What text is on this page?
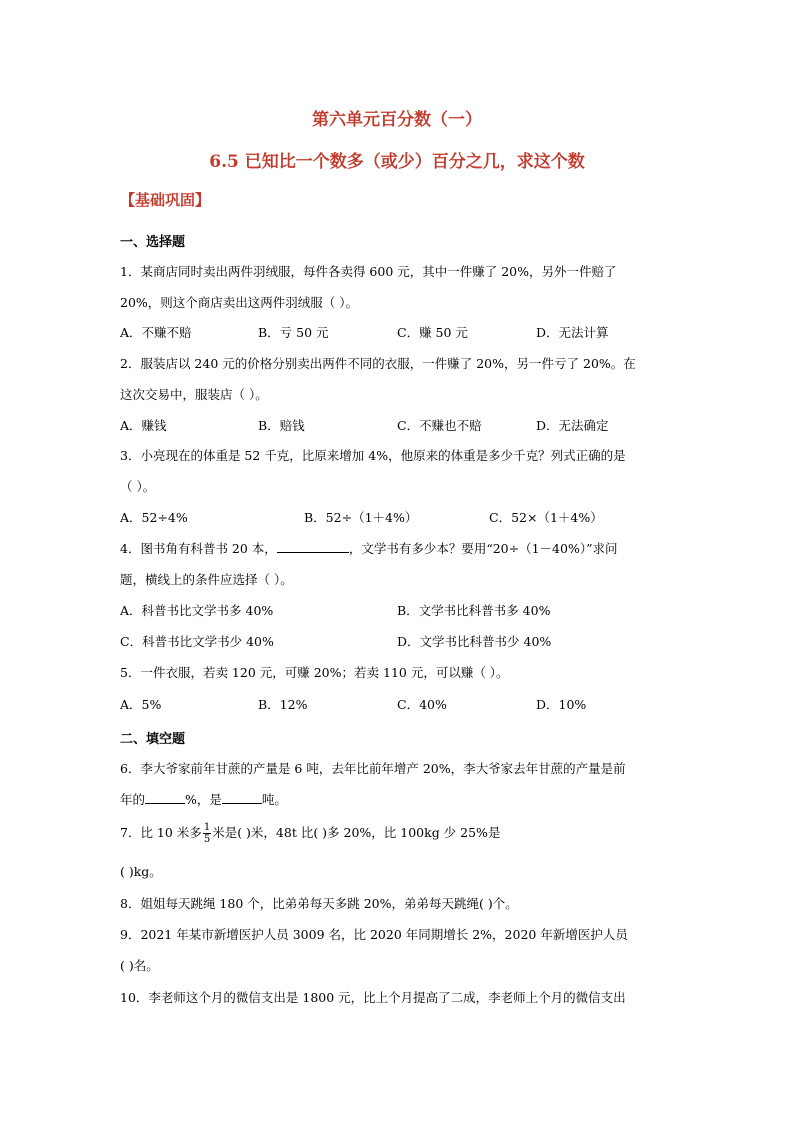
第六单元百分数（一）
6.5 已知比一个数多（或少）百分之几，求这个数
【基础巩固】
一、选择题
1．某商店同时卖出两件羽绒服，每件各卖得 600 元，其中一件赚了 20%，另外一件赔了
20%，则这个商店卖出这两件羽绒服（ ）。
A．不赚不赔	B．亏 50 元	C．赚 50 元	D．无法计算
2．服装店以 240 元的价格分别卖出两件不同的衣服，一件赚了 20%，另一件亏了 20%。在
这次交易中，服装店（ ）。
A．赚钱	B．赔钱	C．不赚也不赔	D．无法确定
3．小亮现在的体重是 52 千克，比原来增加 4%，他原来的体重是多少千克？列式正确的是
（ ）。
A．52÷4%	B．52÷（1＋4%）	C．52×（1＋4%）
4．图书角有科普书 20 本，	，文学书有多少本？要用“20÷（1－40%）”求问
题，横线上的条件应选择（ ）。
A．科普书比文学书多 40%	B．文学书比科普书多 40%
C．科普书比文学书少 40%	D．文学书比科普书少 40%
5．一件衣服，若卖 120 元，可赚 20%；若卖 110 元，可以赚（ ）。
A．5%	B．12%	C．40%	D．10%
二、填空题
6．李大爷家前年甘蔗的产量是 6 吨，去年比前年增产 20%，李大爷家去年甘蔗的产量是前
年的	%，是	吨。
7．比 10 米多 $\frac{1}{5}$ 米是( )米，48t 比( )多 20%，比 100kg 少 25%是
( )kg。
8．姐姐每天跳绳 180 个，比弟弟每天多跳 20%，弟弟每天跳绳( )个。
9．2021 年某市新增医护人员 3009 名，比 2020 年同期增长 2%，2020 年新增医护人员
( )名。
10．李老师这个月的微信支出是 1800 元，比上个月提高了二成，李老师上个月的微信支出
